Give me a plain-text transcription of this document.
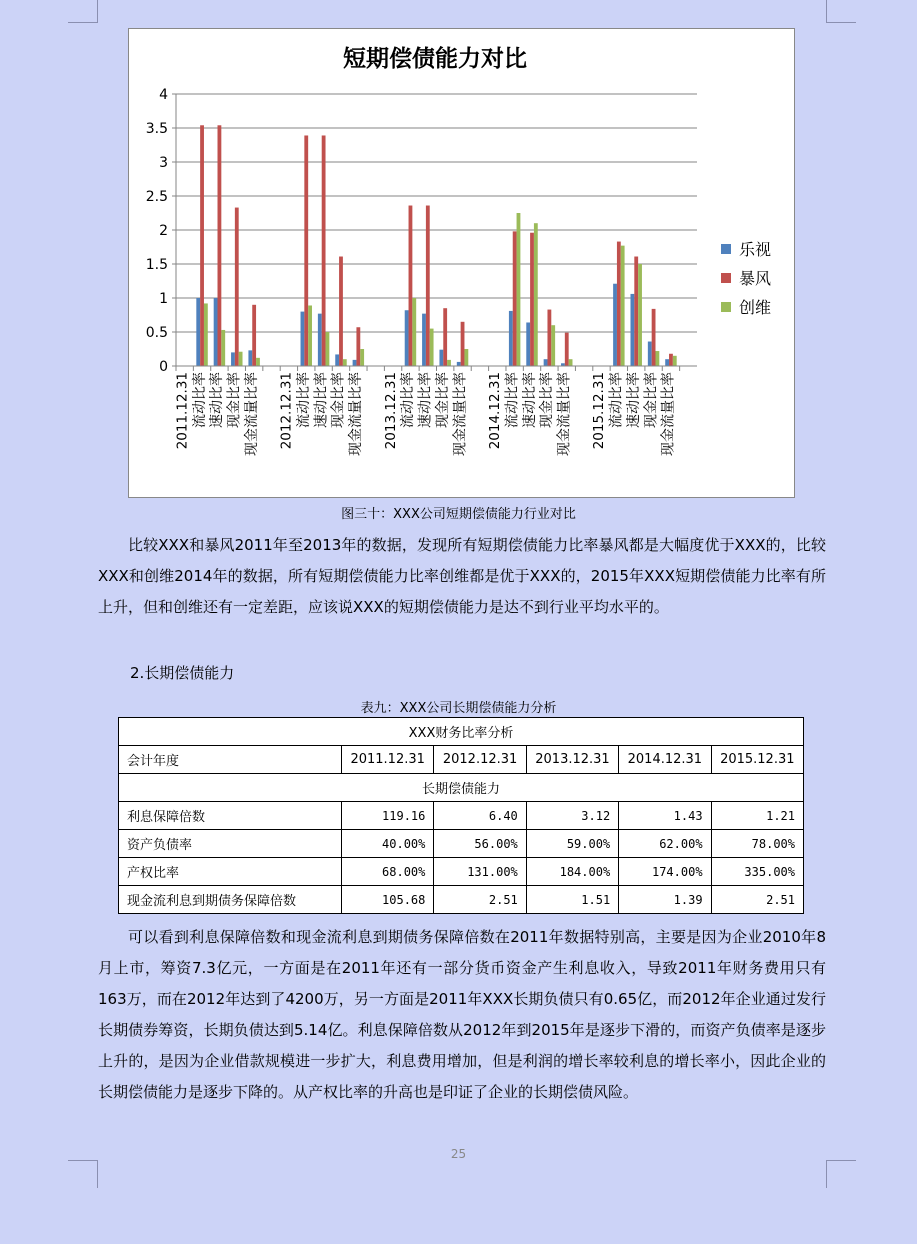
短期偿债能力对比
0
0.5
1
1.5
2
2.5
3
3.5
4
2011.12.31 流动比率 速动比率 现金比率 现金流量比率 2012.12.31 流动比率 速动比率 现金比率 现金流量比率 2013.12.31 流动比率 速动比率 现金比率 现金流量比率 2014.12.31 流动比率 速动比率 现金比率 现金流量比率 2015.12.31 流动比率 速动比率 现金比率 现金流量比率
乐视
暴风
创维
图三十：XXX公司短期偿债能力行业对比
比较XXX和暴风2011年至2013年的数据，发现所有短期偿债能力比率暴风都是大幅度优于XXX的，比较XXX和创维2014年的数据，所有短期偿债能力比率创维都是优于XXX的，2015年XXX短期偿债能力比率有所上升，但和创维还有一定差距，应该说XXX的短期偿债能力是达不到行业平均水平的。
2.长期偿债能力
表九：XXX公司长期偿债能力分析
XXX财务比率分析					
会计年度	2011.12.31	2012.12.31	2013.12.31	2014.12.31	2015.12.31
长期偿债能力					
利息保障倍数	119.16	6.40	3.12	1.43	1.21
资产负债率	40.00%	56.00%	59.00%	62.00%	78.00%
产权比率	68.00%	131.00%	184.00%	174.00%	335.00%
现金流利息到期债务保障倍数	105.68	2.51	1.51	1.39	2.51
可以看到利息保障倍数和现金流利息到期债务保障倍数在2011年数据特别高，主要是因为企业2010年8月上市，筹资7.3亿元，一方面是在2011年还有一部分货币资金产生利息收入，导致2011年财务费用只有163万，而在2012年达到了4200万，另一方面是2011年XXX长期负债只有0.65亿，而2012年企业通过发行长期债券筹资，长期负债达到5.14亿。利息保障倍数从2012年到2015年是逐步下滑的，而资产负债率是逐步上升的，是因为企业借款规模进一步扩大，利息费用增加，但是利润的增长率较利息的增长率小，因此企业的长期偿债能力是逐步下降的。从产权比率的升高也是印证了企业的长期偿债风险。
25
